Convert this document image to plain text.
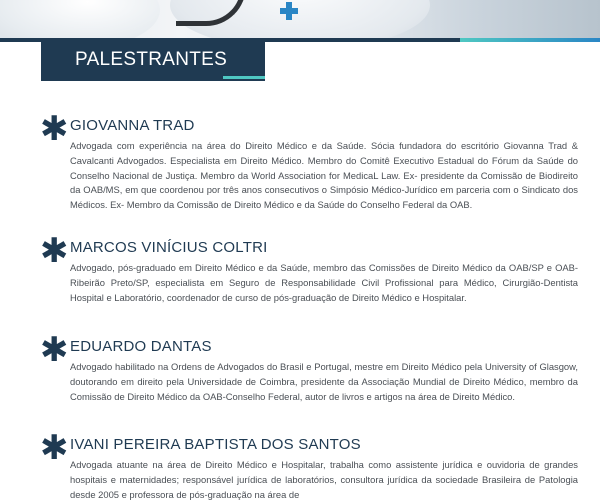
PALESTRANTES
✱ GIOVANNA TRAD

Advogada com experiência na área do Direito Médico e da Saúde. Sócia fundadora do escritório Giovanna Trad & Cavalcanti Advogados. Especialista em Direito Médico. Membro do Comitê Executivo Estadual do Fórum da Saúde do Conselho Nacional de Justiça. Membro da World Association for MedicaL Law. Ex- presidente da Comissão de Biodireito da OAB/MS, em que coordenou por três anos consecutivos o Simpósio Médico-Jurídico em parceria com o Sindicato dos Médicos. Ex- Membro da Comissão de Direito Médico e da Saúde do Conselho Federal da OAB.

✱ MARCOS VINÍCIUS COLTRI

Advogado, pós-graduado em Direito Médico e da Saúde, membro das Comissões de Direito Médico da OAB/SP e OAB-Ribeirão Preto/SP, especialista em Seguro de Responsabilidade Civil Profissional para Médico, Cirurgião-Dentista Hospital e Laboratório, coordenador de curso de pós-graduação de Direito Médico e Hospitalar.

✱ EDUARDO DANTAS

Advogado habilitado na Ordens de Advogados do Brasil e Portugal, mestre em Direito Médico pela University of Glasgow, doutorando em direito pela Universidade de Coimbra, presidente da Associação Mundial de Direito Médico, membro da Comissão de Direito Médico da OAB-Conselho Federal, autor de livros e artigos na área de Direito Médico.

✱ IVANI PEREIRA BAPTISTA DOS SANTOS

Advogada atuante na área de Direito Médico e Hospitalar, trabalha como assistente jurídica e ouvidoria de grandes hospitais e maternidades; responsável jurídica de laboratórios, consultora jurídica da sociedade Brasileira de Patologia desde 2005 e professora de pós-graduação na área de
